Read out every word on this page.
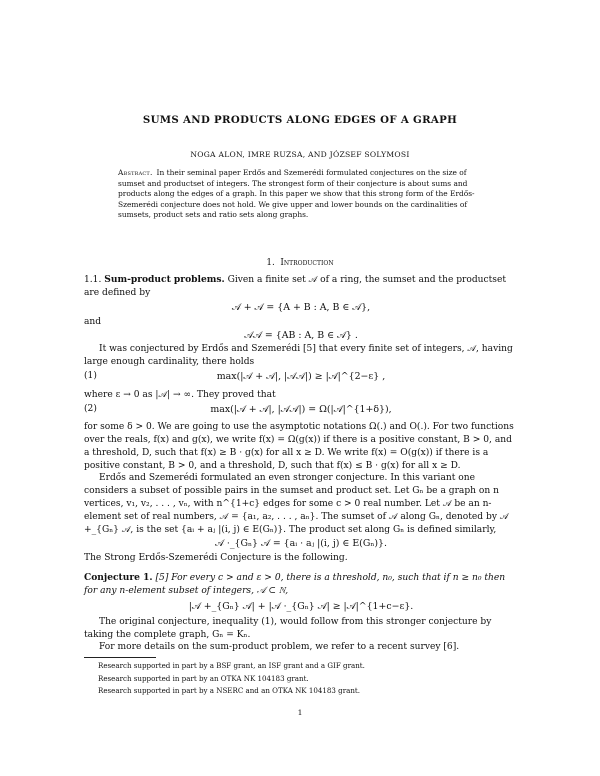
SUMS AND PRODUCTS ALONG EDGES OF A GRAPH
NOGA ALON, IMRE RUZSA, AND JÓZSEF SOLYMOSI
Abstract. In their seminal paper Erdős and Szemerédi formulated conjectures on the size of sumset and productset of integers. The strongest form of their conjecture is about sums and products along the edges of a graph. In this paper we show that this strong form of the Erdős-Szemerédi conjecture does not hold. We give upper and lower bounds on the cardinalities of sumsets, product sets and ratio sets along graphs.
1. Introduction

1.1. Sum-product problems. Given a finite set 𝒜 of a ring, the sumset and the productset are defined by

𝒜 + 𝒜 = {A + B : A, B ∈ 𝒜},
and
𝒜𝒜 = {AB : A, B ∈ 𝒜} .

It was conjectured by Erdős and Szemerédi [5] that every finite set of integers, 𝒜, having large enough cardinality, there holds

(1)	max(|𝒜 + 𝒜|, |𝒜𝒜|) ≥ |𝒜|^{2−ε} ,
where ε → 0 as |𝒜| → ∞. They proved that
(2)	max(|𝒜 + 𝒜|, |𝒜𝒜|) = Ω(|𝒜|^{1+δ}),
for some δ > 0. We are going to use the asymptotic notations Ω(.) and O(.). For two functions over the reals, f(x) and g(x), we write f(x) = Ω(g(x)) if there is a positive constant, B > 0, and a threshold, D, such that f(x) ≥ B · g(x) for all x ≥ D. We write f(x) = O(g(x)) if there is a positive constant, B > 0, and a threshold, D, such that f(x) ≤ B · g(x) for all x ≥ D.

Erdős and Szemerédi formulated an even stronger conjecture. In this variant one considers a subset of possible pairs in the sumset and product set. Let Gₙ be a graph on n vertices, v₁, v₂, . . . , vₙ, with n^{1+c} edges for some c > 0 real number. Let 𝒜 be an n-element set of real numbers, 𝒜 = {a₁, a₂, . . . , aₙ}. The sumset of 𝒜 along Gₙ, denoted by 𝒜 +_{Gₙ} 𝒜, is the set {aᵢ + aⱼ |(i, j) ∈ E(Gₙ)}. The product set along Gₙ is defined similarly,

𝒜 ·_{Gₙ} 𝒜 = {aᵢ · aⱼ |(i, j) ∈ E(Gₙ)}.
The Strong Erdős-Szemerédi Conjecture is the following.

Conjecture 1. [5] For every c > and ε > 0, there is a threshold, n₀, such that if n ≥ n₀ then for any n-element subset of integers, 𝒜 ⊂ ℕ,

|𝒜 +_{Gₙ} 𝒜| + |𝒜 ·_{Gₙ} 𝒜| ≥ |𝒜|^{1+c−ε}.

The original conjecture, inequality (1), would follow from this stronger conjecture by taking the complete graph, Gₙ = Kₙ.

For more details on the sum-product problem, we refer to a recent survey [6].

Research supported in part by a BSF grant, an ISF grant and a GIF grant.

Research supported in part by an OTKA NK 104183 grant.

Research supported in part by a NSERC and an OTKA NK 104183 grant.

1
